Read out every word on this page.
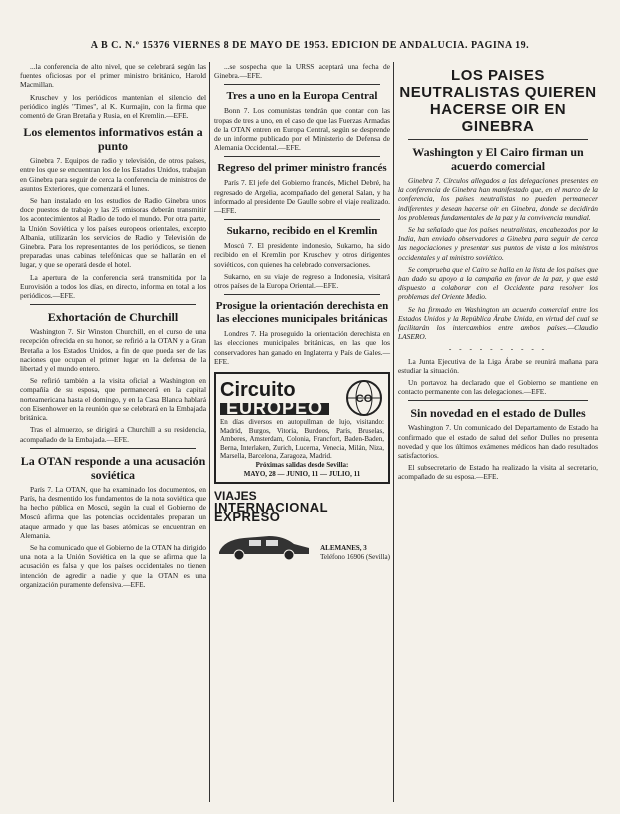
A B C. N.º 15376 VIERNES 8 DE MAYO DE 1953. EDICION DE ANDALUCIA. PAGINA 19.

...la conferencia de alto nivel, que se celebrará según las fuentes oficiosas por el primer ministro británico, Harold Macmillan.

Kruschev y los periódicos mantenían el silencio del periódico inglés "Times", al K. Kurmajin, con la firma que comentó de Gran Bretaña y Rusia, en el Kremlin.—EFE.

Los elementos informativos están a punto

Ginebra 7. Equipos de radio y televisión, de otros países, entre los que se encuentran los de los Estados Unidos, trabajan en Ginebra para seguir de cerca la conferencia de ministros de asuntos Exteriores, que comenzará el lunes.

Se han instalado en los estudios de Radio Ginebra unos doce puestos de trabajo y las 25 emisoras deberán transmitir los acontecimientos al Radio de todo el mundo. Por otra parte, la Unión Soviética y los países europeos orientales, excepto Albania, utilizarán los servicios de Radio y Televisión de Ginebra. Para los representantes de los periódicos, se tienen preparadas unas cabinas telefónicas que se hallarán en el lugar, y que se operará desde el hotel.

La apertura de la conferencia será transmitida por la Eurovisión a todos los días, en directo, informa en total a los periódicos.—EFE.

Exhortación de Churchill

Washington 7. Sir Winston Churchill, en el curso de una recepción ofrecida en su honor, se refirió a la OTAN y a Gran Bretaña a los Estados Unidos, a fin de que pueda ser de las naciones que ocupan el primer lugar en la defensa de la libertad y el mundo entero.

Se refirió también a la visita oficial a Washington en compañía de su esposa, que permanecerá en la capital norteamericana hasta el domingo, y en la Casa Blanca hablará con Eisenhower en la reunión que se celebrará en la Embajada británica.

Tras el almuerzo, se dirigirá a Churchill a su residencia, acompañado de la Embajada.—EFE.

La OTAN responde a una acusación soviética

París 7. La OTAN, que ha examinado los documentos, en París, ha desmentido los fundamentos de la nota soviética que ha hecho pública en Moscú, según la cual el Gobierno de Moscú afirma que las potencias occidentales preparan un ataque armado y que las bases atómicas se encuentran en Alemania.

Se ha comunicado que el Gobierno de la OTAN ha dirigido una nota a la Unión Soviética en la que se afirma que la acusación es falsa y que los países occidentales no tienen intención de agredir a nadie y que la OTAN es una organización puramente defensiva.—EFE.

...se sospecha que la URSS aceptará una fecha de Ginebra.—EFE.

Tres a uno en la Europa Central

Bonn 7. Los comunistas tendrán que contar con las tropas de tres a uno, en el caso de que las Fuerzas Armadas de la OTAN entren en Europa Central, según se desprende de un informe publicado por el Ministerio de Defensa de Alemania Occidental.—EFE.

Regreso del primer ministro francés

París 7. El jefe del Gobierno francés, Michel Debré, ha regresado de Argelia, acompañado del general Salan, y ha informado al presidente De Gaulle sobre el viaje realizado.—EFE.

Sukarno, recibido en el Kremlin

Moscú 7. El presidente indonesio, Sukarno, ha sido recibido en el Kremlin por Kruschev y otros dirigentes soviéticos, con quienes ha celebrado conversaciones.

Sukarno, en su viaje de regreso a Indonesia, visitará otros países de la Europa Oriental.—EFE.

Prosigue la orientación derechista en las elecciones municipales británicas

Londres 7. Ha proseguido la orientación derechista en las elecciones municipales británicas, en las que los conservadores han ganado en Inglaterra y País de Gales.—EFE.

Circuito
EUROPEO	CO
En días diversos en autopullman de lujo, visitando: Madrid, Burgos, Vitoria, Burdeos, París, Bruselas, Amberes, Amsterdam, Colonia, Francfort, Baden-Baden, Berna, Interlaken, Zurich, Lucerna, Venecia, Milán, Niza, Marsella, Barcelona, Zaragoza, Madrid.
Próximas salidas desde Sevilla:
MAYO, 28 — JUNIO, 11 — JULIO, 11
VIAJES
INTERNACIONAL EXPRESO
ALEMANES, 3
Teléfono 16906 (Sevilla)
LOS PAISES NEUTRALISTAS QUIEREN HACERSE OIR EN GINEBRA
Washington y El Cairo firman un acuerdo comercial

Ginebra 7. Círculos allegados a las delegaciones presentes en la conferencia de Ginebra han manifestado que, en el marco de la conferencia, los países neutralistas no pueden permanecer indiferentes y desean hacerse oír en Ginebra, donde se decidirán los problemas fundamentales de la paz y la convivencia mundial.

Se ha señalado que los países neutralistas, encabezados por la India, han enviado observadores a Ginebra para seguir de cerca las negociaciones y presentar sus puntos de vista a los ministros occidentales y al ministro soviético.

Se comprueba que el Cairo se halla en la lista de los países que han dado su apoyo a la campaña en favor de la paz, y que está dispuesto a colaborar con el Occidente para resolver los problemas del Oriente Medio.

Se ha firmado en Washington un acuerdo comercial entre los Estados Unidos y la República Árabe Unida, en virtud del cual se facilitarán los intercambios entre ambos países.—Claudio LASERO.

- - - - - - - - - -

La Junta Ejecutiva de la Liga Árabe se reunirá mañana para estudiar la situación.

Un portavoz ha declarado que el Gobierno se mantiene en contacto permanente con las delegaciones.—EFE.

Sin novedad en el estado de Dulles

Washington 7. Un comunicado del Departamento de Estado ha confirmado que el estado de salud del señor Dulles no presenta novedad y que los últimos exámenes médicos han dado resultados satisfactorios.

El subsecretario de Estado ha realizado la visita al secretario, acompañado de su esposa.—EFE.
